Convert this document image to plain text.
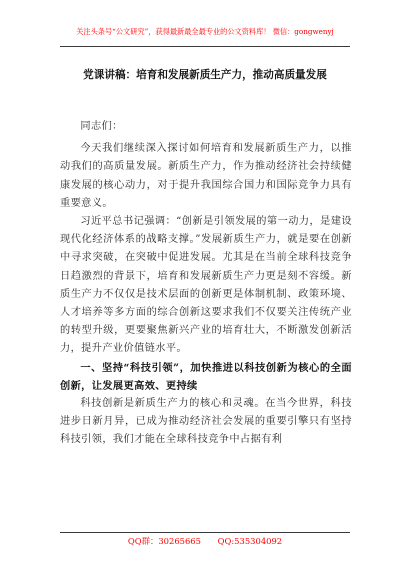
关注头条号“公文研究”，获得最新最全最专业的公文资料库！ 微信：gongwenyj
党课讲稿：培育和发展新质生产力，推动高质量发展

同志们：

今天我们继续深入探讨如何培育和发展新质生产力，以推动我们的高质量发展。新质生产力，作为推动经济社会持续健康发展的核心动力，对于提升我国综合国力和国际竞争力具有重要意义。

习近平总书记强调：“创新是引领发展的第一动力，是建设现代化经济体系的战略支撑。”发展新质生产力，就是要在创新中寻求突破，在突破中促进发展。尤其是在当前全球科技竞争日趋激烈的背景下，培育和发展新质生产力更是刻不容缓。新质生产力不仅仅是技术层面的创新更是体制机制、政策环境、人才培养等多方面的综合创新这要求我们不仅要关注传统产业的转型升级，更要聚焦新兴产业的培育壮大，不断激发创新活力，提升产业价值链水平。

一、坚持“科技引领”，加快推进以科技创新为核心的全面创新，让发展更高效、更持续

科技创新是新质生产力的核心和灵魂。在当今世界，科技进步日新月异，已成为推动经济社会发展的重要引擎只有坚持科技引领，我们才能在全球科技竞争中占据有利

QQ群：30265665 QQ:535304092
